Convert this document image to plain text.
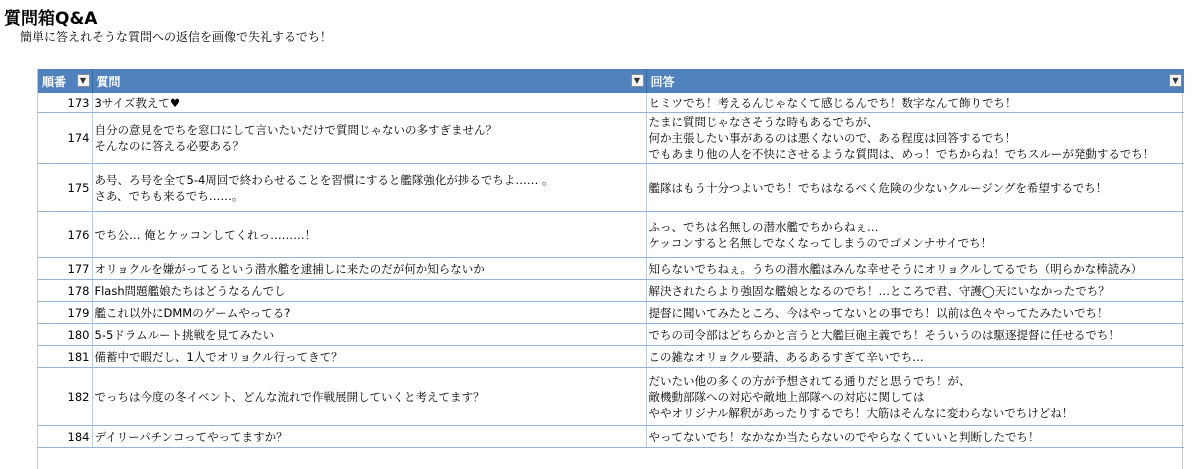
質問箱Q&A
簡単に答えれそうな質問への返信を画像で失礼するでち！
順番 ▼	質問 ▼	回答 ▼

173	3サイズ教えて♥	ヒミツでち！考えるんじゃなくて感じるんでち！数字なんて飾りでち！
174	自分の意見をでちを窓口にして言いたいだけで質問じゃないの多すぎません？
そんなのに答える必要ある？	たまに質問じゃなさそうな時もあるでちが、
何か主張したい事があるのは悪くないので、ある程度は回答するでち！
でもあまり他の人を不快にさせるような質問は、めっ！でちからね！でちスルーが発動するでち！
175	あ号、ろ号を全て5-4周回で終わらせることを習慣にすると艦隊強化が捗るでちよ…… 。
さあ、でちも来るでち……。	艦隊はもう十分つよいでち！でちはなるべく危険の少ないクルージングを希望するでち！
176	でち公… 俺とケッコンしてくれっ………！	ふっ、でちは名無しの潜水艦でちからねぇ…
ケッコンすると名無しでなくなってしまうのでゴメンナサイでち！
177	オリョクルを嫌がってるという潜水艦を逮捕しに来たのだが何か知らないか	知らないでちねぇ。うちの潜水艦はみんな幸せそうにオリョクルしてるでち（明らかな棒読み）
178	Flash問題艦娘たちはどうなるんでし	解決されたらより強固な艦娘となるのでち！…ところで君、守護◯天にいなかったでち？
179	艦これ以外にDMMのゲームやってる?	提督に聞いてみたところ、今はやってないとの事でち！以前は色々やってたみたいでち！
180	5-5ドラムルート挑戦を見てみたい	でちの司令部はどちらかと言うと大艦巨砲主義でち！そういうのは駆逐提督に任せるでち！
181	備蓄中で暇だし、1人でオリョクル行ってきて？	この雑なオリョクル要請、あるあるすぎて辛いでち…
182	でっちは今度の冬イベント、どんな流れで作戦展開していくと考えてます？	だいたい他の多くの方が予想されてる通りだと思うでち！が、
敵機動部隊への対応や敵地上部隊への対応に関しては
ややオリジナル解釈があったりするでち！大筋はそんなに変わらないでちけどね！
184	デイリーパチンコってやってますか？	やってないでち！なかなか当たらないのでやらなくていいと判断したでち！
